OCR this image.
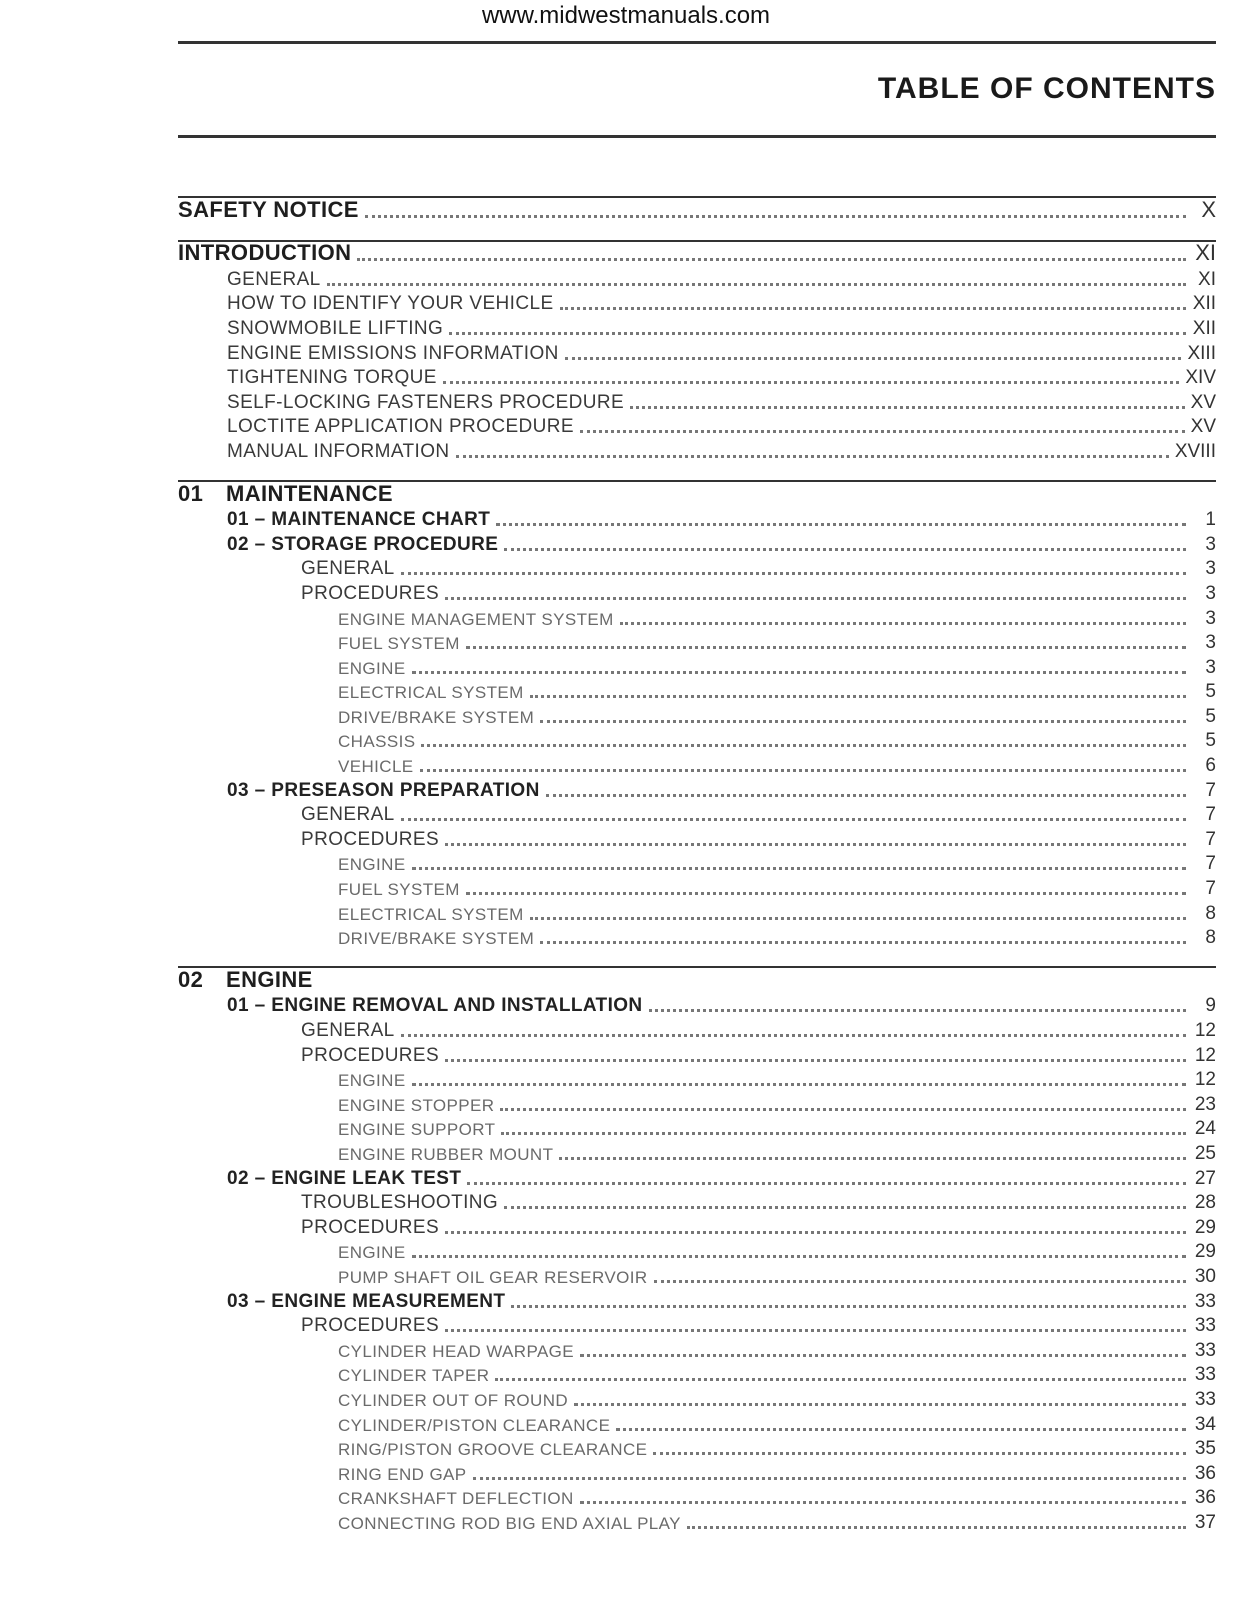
www.midwestmanuals.com
TABLE OF CONTENTS
SAFETY NOTICE	X
INTRODUCTION	XI
GENERAL	XI
HOW TO IDENTIFY YOUR VEHICLE	XII
SNOWMOBILE LIFTING	XII
ENGINE EMISSIONS INFORMATION	XIII
TIGHTENING TORQUE	XIV
SELF-LOCKING FASTENERS PROCEDURE	XV
LOCTITE APPLICATION PROCEDURE	XV
MANUAL INFORMATION	XVIII
01 MAINTENANCE
01 – MAINTENANCE CHART	1
02 – STORAGE PROCEDURE	3
GENERAL	3
PROCEDURES	3
ENGINE MANAGEMENT SYSTEM	3
FUEL SYSTEM	3
ENGINE	3
ELECTRICAL SYSTEM	5
DRIVE/BRAKE SYSTEM	5
CHASSIS	5
VEHICLE	6
03 – PRESEASON PREPARATION	7
GENERAL	7
PROCEDURES	7
ENGINE	7
FUEL SYSTEM	7
ELECTRICAL SYSTEM	8
DRIVE/BRAKE SYSTEM	8
02 ENGINE
01 – ENGINE REMOVAL AND INSTALLATION	9
GENERAL	12
PROCEDURES	12
ENGINE	12
ENGINE STOPPER	23
ENGINE SUPPORT	24
ENGINE RUBBER MOUNT	25
02 – ENGINE LEAK TEST	27
TROUBLESHOOTING	28
PROCEDURES	29
ENGINE	29
PUMP SHAFT OIL GEAR RESERVOIR	30
03 – ENGINE MEASUREMENT	33
PROCEDURES	33
CYLINDER HEAD WARPAGE	33
CYLINDER TAPER	33
CYLINDER OUT OF ROUND	33
CYLINDER/PISTON CLEARANCE	34
RING/PISTON GROOVE CLEARANCE	35
RING END GAP	36
CRANKSHAFT DEFLECTION	36
CONNECTING ROD BIG END AXIAL PLAY	37
